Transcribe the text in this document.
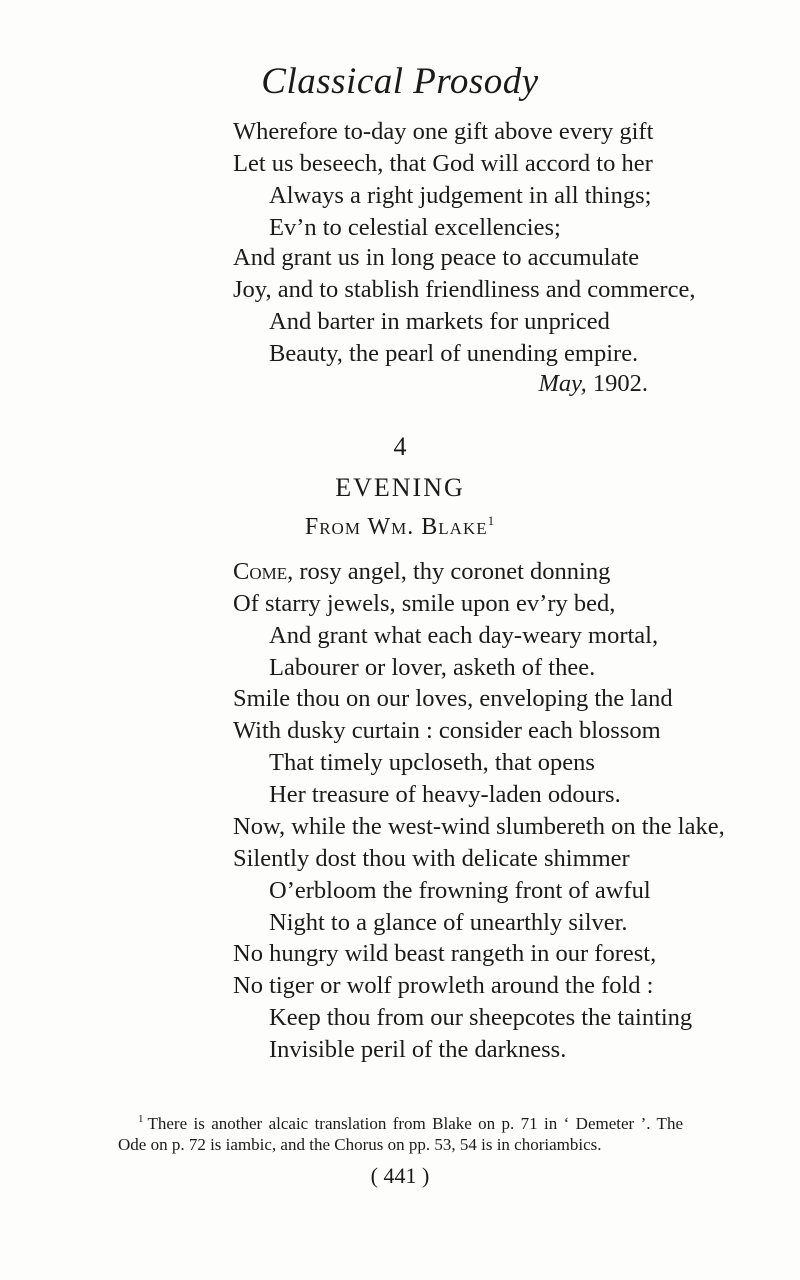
Classical Prosody
Wherefore to-day one gift above every gift
Let us beseech, that God will accord to her
Always a right judgement in all things;
Ev’n to celestial excellencies;
And grant us in long peace to accumulate
Joy, and to stablish friendliness and commerce,
And barter in markets for unpriced
Beauty, the pearl of unending empire.
May, 1902.
4
EVENING
From Wm. Blake$^1$
Come, rosy angel, thy coronet donning
Of starry jewels, smile upon ev’ry bed,
And grant what each day-weary mortal,
Labourer or lover, asketh of thee.
Smile thou on our loves, enveloping the land
With dusky curtain : consider each blossom
That timely upcloseth, that opens
Her treasure of heavy-laden odours.
Now, while the west-wind slumbereth on the lake,
Silently dost thou with delicate shimmer
O’erbloom the frowning front of awful
Night to a glance of unearthly silver.
No hungry wild beast rangeth in our forest,
No tiger or wolf prowleth around the fold :
Keep thou from our sheepcotes the tainting
Invisible peril of the darkness.
$^1$ There is another alcaic translation from Blake on p. 71 in ‘ Demeter ’. The Ode on p. 72 is iambic, and the Chorus on pp. 53, 54 is in choriambics.
( 441 )
